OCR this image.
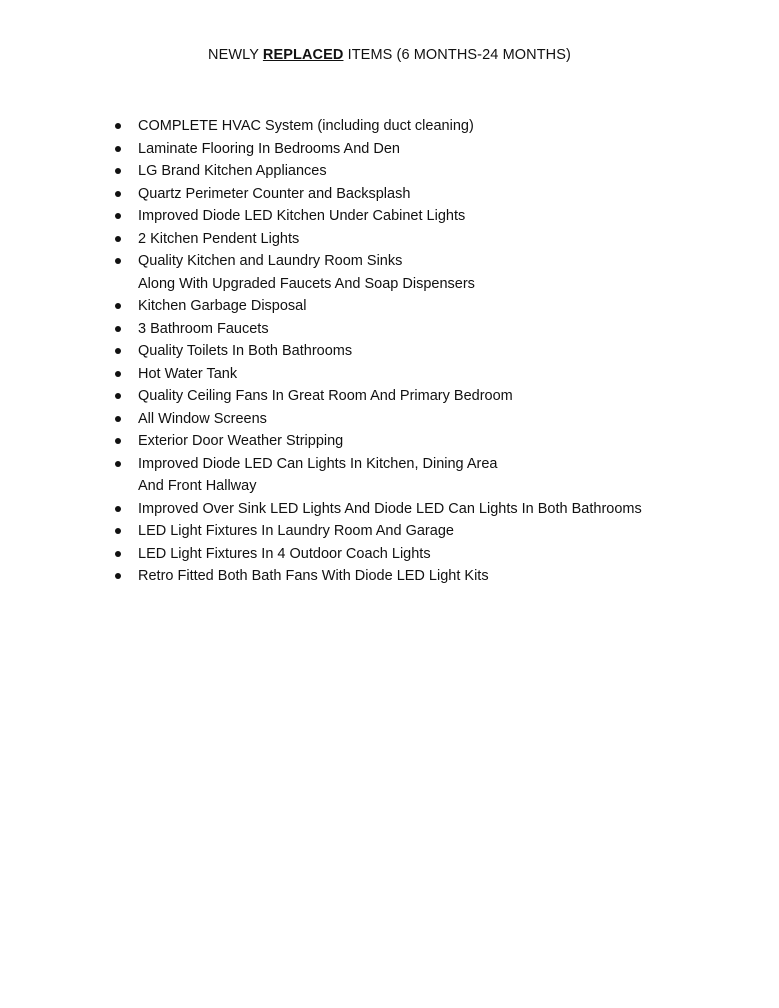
NEWLY REPLACED ITEMS (6 MONTHS-24 MONTHS)
COMPLETE HVAC System (including duct cleaning)
Laminate Flooring In Bedrooms And Den
LG Brand Kitchen Appliances
Quartz Perimeter Counter and Backsplash
Improved Diode LED Kitchen Under Cabinet Lights
2 Kitchen Pendent Lights
Quality Kitchen and Laundry Room Sinks
Along With Upgraded Faucets And Soap Dispensers
Kitchen Garbage Disposal
3 Bathroom Faucets
Quality Toilets In Both Bathrooms
Hot Water Tank
Quality Ceiling Fans In Great Room And Primary Bedroom
All Window Screens
Exterior Door Weather Stripping
Improved Diode LED Can Lights In Kitchen, Dining Area
And Front Hallway
Improved Over Sink LED Lights And Diode LED Can Lights In Both Bathrooms
LED Light Fixtures In Laundry Room And Garage
LED Light Fixtures In 4 Outdoor Coach Lights
Retro Fitted Both Bath Fans With Diode LED Light Kits
